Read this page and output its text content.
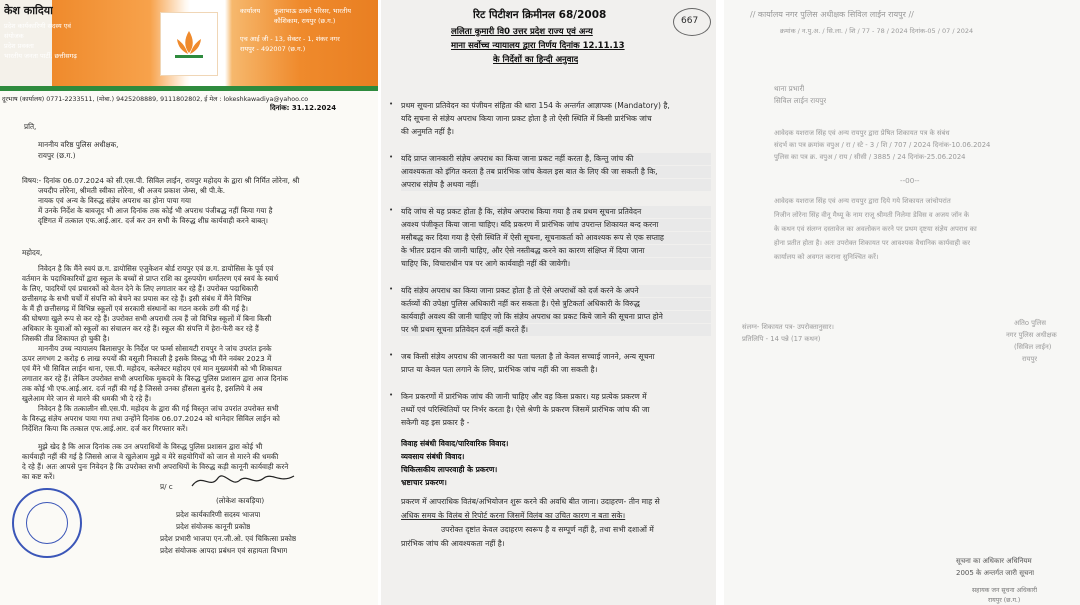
केश कादिया
प्रदेश कार्यकारिणी सदस्य एवं
संयोजक
प्रदेश प्रवक्ता
भारतीय जनता पार्टी, छत्तीसगढ़
कार्यालय कुशाभाऊ ठाकरे परिसर, भारतीय
कौशिकाम, रायपुर (छ.ग.)
एच आई जी - 13, सेक्टर - 1, शंकर नगर
रायपुर - 492007 (छ.ग.)
दूरभाष (कार्यालय) 0771-2233511, (मोबा.) 9425208889, 9111802802, ई मेल : lokeshkawadiya@yahoo.co
दिनांक: 31.12.2024
प्रति,
माननीय वरिष्ठ पुलिस अधीक्षक,
रायपुर (छ.ग.)
विषय:- दिनांक 06.07.2024 को सी.एस.पी. सिविल लाईन, रायपुर महोदय के द्वारा श्री निर्मित लोरेना, श्री
जयदीप लोरेना, श्रीमती स्वीका लोरेना, श्री अजय प्रकाश जेम्स, श्री पी.के.
नायक एवं अन्य के विरुद्ध संज्ञेय अपराध का होना पाया गया
में उनके निर्देश के बावजूद भी आज दिनांक तक कोई भी अपराध पंजीबद्ध नहीं किया गया है
दृष्टिगत में तत्काल एफ.आई.आर. दर्ज कर उन सभी के विरुद्ध शीघ्र कार्यवाही करने बाबत्।
महोदय,
निवेदन है कि मैंने स्वयं छ.ग. डायोसिस एजुकेशन बोर्ड रायपुर एवं छ.ग. डायोसिस के पूर्व एवं
वर्तमान के पदाधिकारियों द्वारा स्कूल के बच्चों से प्राप्त राशि का दुरुपयोग धर्मांतरण एवं स्वयं के स्वार्थ
के लिए, पादरियों एवं प्रचारकों को वेतन देने के लिए लगातार कर रहे हैं। उपरोक्त पदाधिकारी
छत्तीसगढ़ के सभी चर्चों में संपत्ति को बेचने का प्रयास कर रहे हैं। इसी संबंध में मैंने विभिन्न
के मैं ही छत्तीसगढ़ में विभिन्न स्कूलों एवं सरकारी संस्थानों का गठन करके ठगी की गई है।
की घोषणा खुले रूप से कर रहे हैं। उपरोक्त सभी अपराधी तत्व हैं जो विभिन्न स्कूलों में बिना किसी
अधिकार के युवाओं को स्कूलों का संचालन कर रहे हैं। स्कूल की संपत्ति में हेरा-फेरी कर रहे हैं
जिसकी तीव्र शिकायत हो चुकी है।
माननीय उच्च न्यायालय बिलासपुर के निर्देश पर फर्म्स सोसायटी रायपुर ने जांच उपरांत इनके
ऊपर लगभग 2 करोड़ 6 लाख रुपयों की वसूली निकाली है इसके विरुद्ध भी मैंने नवंबर 2023 में
एवं मैंने भी सिविल लाईन थाना, एस.पी. महोदय, कलेक्टर महोदय एवं मान मुख्यमंत्री को भी शिकायत
लगातार कर रहे हैं। लेकिन उपरोक्त सभी अपराधिक मुकदमे के विरुद्ध पुलिस प्रशासन द्वारा आज दिनांक
तक कोई भी एफ.आई.आर. दर्ज नहीं की गई है जिससे उनका हौंसला बुलंद है, इसलिये वे अब
खुलेआम मेरे जान से मारने की धमकी भी दे रहे हैं।
निवेदन है कि तत्कालीन सी.एस.पी. महोदय के द्वारा की गई विस्तृत जांच उपरांत उपरोक्त सभी
के विरुद्ध संज्ञेय अपराध पाया गया तथा उन्होंने दिनांक 06.07.2024 को थानेदार सिविल लाईन को
निर्देशित किया कि तत्काल एफ.आई.आर. दर्ज कर गिरफ्तार करें।
मुझे खेद है कि आज दिनांक तक उन अपराधियों के विरुद्ध पुलिस प्रशासन द्वारा कोई भी
कार्यवाही नहीं की गई है जिससे आज वे खुलेआम मुझे व मेरे सहयोगियों को जान से मारने की धमकी
दे रहे हैं। अतः आपसे पुनः निवेदन है कि उपरोक्त सभी अपराधियों के विरुद्ध कड़ी कानूनी कार्यवाही करने
का कष्ट करें।
प्र/ c
(लोकेश कावड़िया)
प्रदेश कार्यकारिणी सदस्य भाजपा
प्रदेश संयोजक कानूनी प्रकोष्ठ
प्रदेश प्रभारी भाजपा एन.जी.ओ. एवं चिकित्सा प्रकोष्ठ
प्रदेश संयोजक आपदा प्रबंधन एवं सहायता विभाग
रिट पिटीशन क्रिमीनल 68/2008	667
ललिता कुमारी वि0 उत्तर प्रदेश राज्य एवं अन्य
माना सर्वोच्च न्यायालय द्वारा निर्णय दिनांक 12.11.13
के निर्देशों का हिन्दी अनुवाद
• प्रथम सूचना प्रतिवेदन का पंजीयन संहिता की धारा 154 के अन्तर्गत आज्ञापक (Mandatory) है,
यदि सूचना से संज्ञेय अपराध किया जाना प्रकट होता है तो ऐसी स्थिति में किसी प्रारंभिक जांच
की अनुमति नहीं है।
• यदि प्राप्त जानकारी संज्ञेय अपराध का किया जाना प्रकट नहीं करता है, किन्तु जांच की
आवश्यकता को इंगित करता है तब प्रारंभिक जांच केवल इस बात के लिए की जा सकती है कि,
अपराध संज्ञेय है अथवा नहीं।
• यदि जांच से यह प्रकट होता है कि, संज्ञेय अपराध किया गया है तब प्रथम सूचना प्रतिवेदन
अवश्य पंजीकृत किया जाना चाहिए। यदि प्रकरण में प्रारंभिक जांच उपरान्त शिकायत बन्द करना
मसौबद्ध कर दिया गया है ऐसी स्थिति में ऐसी सूचना, सूचनाकर्ता को आवश्यक रूप से एक सप्ताह
के भीतर प्रदान की जानी चाहिए, और ऐसे नस्तीबद्ध करने का कारण संक्षिप्त में दिया जाना
चाहिए कि, विचाराधीन पत्र पर आगे कार्यवाही नहीं की जावेगी।
• यदि संज्ञेय अपराध का किया जाना प्रकट होता है तो ऐसे अपराधों को दर्ज करने के अपने
कर्तव्यों की उपेक्षा पुलिस अधिकारी नहीं कर सकता है। ऐसे त्रुटिकर्ता अधिकारी के विरुद्ध
कार्यवाही अवश्य की जानी चाहिए जो कि संज्ञेय अपराध का प्रकट किये जाने की सूचना प्राप्त होने
पर भी प्रथम सूचना प्रतिवेदन दर्ज नहीं करते हैं।
• जब किसी संज्ञेय अपराध की जानकारी का पता चलता है तो केवल सच्चाई जानने, अन्य सूचना
प्राप्त या केवल पता लगाने के लिए, प्रारंभिक जांच नहीं की जा सकती है।
• किन प्रकरणों में प्रारंभिक जांच की जानी चाहिए और वह किस प्रकार। यह प्रत्येक प्रकरण में
तथ्यों एवं परिस्थितियों पर निर्भर करता है। ऐसे श्रेणी के प्रकरण जिसमें प्रारंभिक जांच की जा
सकेगी वह इस प्रकार है -
विवाह संबंधी विवाद/पारिवारिक विवाद।
व्यवसाय संबंधी विवाद।
चिकित्सकीय लापरवाही के प्रकरण।
भ्रष्टाचार प्रकरण।
प्रकरण में आपराधिक वितंब/अभियोजन शुरू करने की अवधि बीत जाना। उदाहरण- तीन माह से
अधिक समय के विलंब से रिपोर्ट करना जिसमें विलंब का उचित कारण न बता सके।
उपरोक्त दृष्टांत केवल उदाहरण स्वरूप है व सम्पूर्ण नहीं है, तथा सभी दशाओं में
प्रारंभिक जांच की आवश्यकता नहीं है।
// कार्यालय नगर पुलिस अधीक्षक सिविल लाईन रायपुर //
क्रमांक / न.पु.अ. / सि.ला. / शि / 77 - 78 / 2024 दिनांक-05 / 07 / 2024
थाना प्रभारी
सिविल लाईन रायपुर
आवेदक यशराज सिंह एवं अन्य रायपुर द्वारा प्रेषित शिकायत पत्र के संबंध
संदर्भ का पत्र क्रमांक वपुअ / रा / स्टे - 3 / शि / 707 / 2024 दिनांक-10.06.2024
पुलिस का पत्र क्र. वपुअ / राय / सीसी / 3885 / 24 दिनांक-25.06.2024
--00--
आवेदक यशराज सिंह एवं अन्य रायपुर द्वारा दिये गये शिकायत जांचोपरांत
निजीन लोरेना सिंह वीनू मैथ्यू के नाम राजू श्रीमती निलेमा डेविस व अजय जॉन के
के कथन एवं संलग्न दस्तावेज का अवलोकन करने पर प्रथम दृष्टया संज्ञेय अपराध का
होना प्रतीत होता है। अतः उपरोक्त शिकायत पर आवश्यक वैधानिक कार्यवाही कर
कार्यालय को अवगत कराना सुनिश्चित करें।
संलग्न- शिकायत पत्र- उपरोक्तानुसार।
प्रतिलिपि - 14 पन्ने (17 कथन)
अतिo पुलिस
नगर पुलिस अधीक्षक
(सिविल लाईन)
रायपुर
सूचना का अधिकार अधिनियम
2005 के अन्तर्गत जारी सूचना
सहायक जन सूचना अधिकारी
रायपुर (छ.ग.)
